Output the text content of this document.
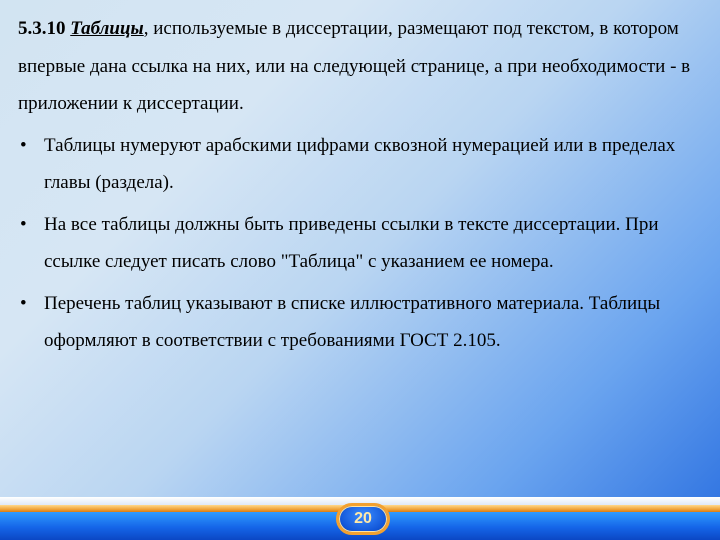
5.3.10 Таблицы, используемые в диссертации, размещают под текстом, в котором впервые дана ссылка на них, или на следующей странице, а при необходимости - в приложении к диссертации.

• Таблицы нумеруют арабскими цифрами сквозной нумерацией или в пределах главы (раздела).
• На все таблицы должны быть приведены ссылки в тексте диссертации. При ссылке следует писать слово "Таблица" с указанием ее номера.
• Перечень таблиц указывают в списке иллюстративного материала. Таблицы оформляют в соответствии с требованиями ГОСТ 2.105.
20
